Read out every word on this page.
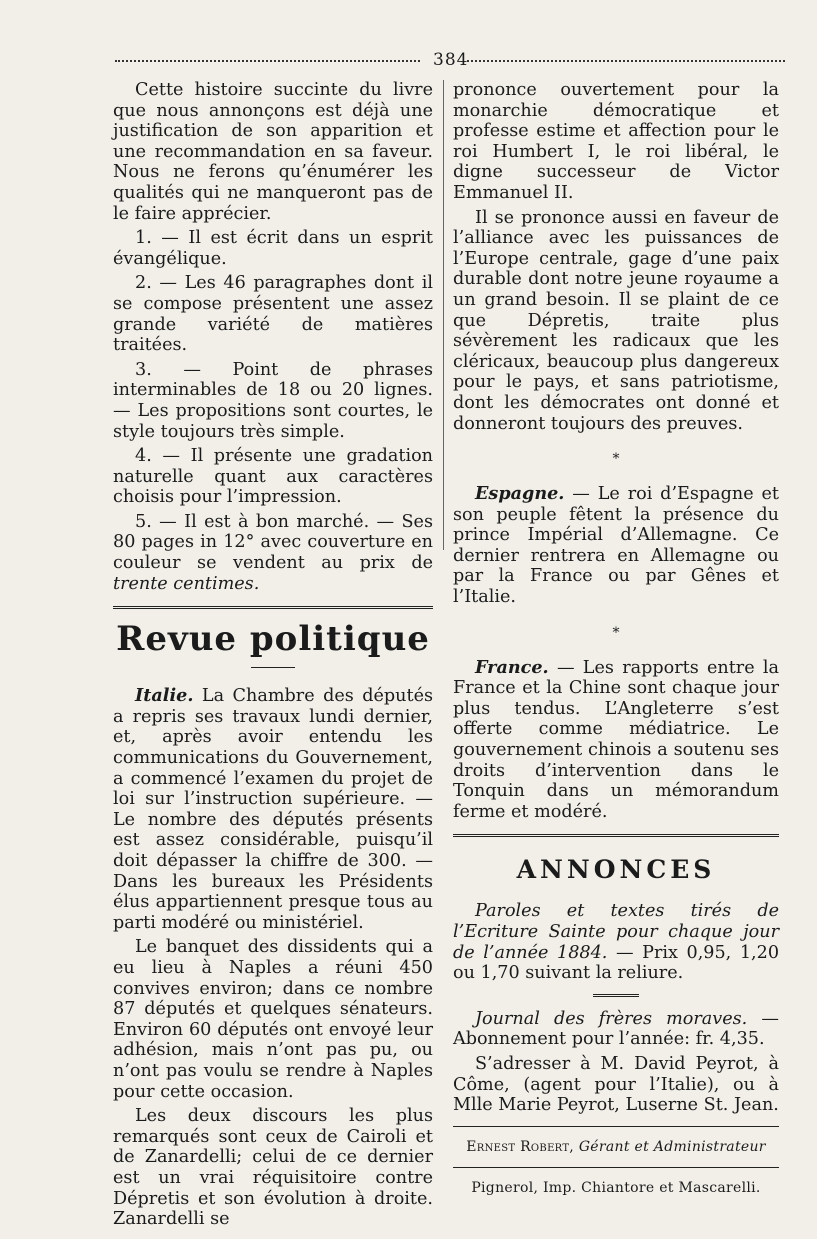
384

Cette histoire succinte du livre que nous annonçons est déjà une justification de son apparition et une recommandation en sa faveur. Nous ne ferons qu’énumérer les qualités qui ne manqueront pas de le faire apprécier.

1. — Il est écrit dans un esprit évangélique.

2. — Les 46 paragraphes dont il se compose présentent une assez grande variété de matières traitées.

3. — Point de phrases interminables de 18 ou 20 lignes. — Les propositions sont courtes, le style toujours très simple.

4. — Il présente une gradation naturelle quant aux caractères choisis pour l’impression.

5. — Il est à bon marché. — Ses 80 pages in 12° avec couverture en couleur se vendent au prix de trente centimes.

Revue politique

Italie. La Chambre des députés a repris ses travaux lundi dernier, et, après avoir entendu les communications du Gouvernement, a commencé l’examen du projet de loi sur l’instruction supérieure. — Le nombre des députés présents est assez considérable, puisqu’il doit dépasser la chiffre de 300. — Dans les bureaux les Présidents élus appartiennent presque tous au parti modéré ou ministériel.

Le banquet des dissidents qui a eu lieu à Naples a réuni 450 convives environ; dans ce nombre 87 députés et quelques sénateurs. Environ 60 députés ont envoyé leur adhésion, mais n’ont pas pu, ou n’ont pas voulu se rendre à Naples pour cette occasion.

Les deux discours les plus remarqués sont ceux de Cairoli et de Zanardelli; celui de ce dernier est un vrai réquisitoire contre Dépretis et son évolution à droite. Zanardelli se

prononce ouvertement pour la monarchie démocratique et professe estime et affection pour le roi Humbert I, le roi libéral, le digne successeur de Victor Emmanuel II.

Il se prononce aussi en faveur de l’alliance avec les puissances de l’Europe centrale, gage d’une paix durable dont notre jeune royaume a un grand besoin. Il se plaint de ce que Dépretis, traite plus sévèrement les radicaux que les cléricaux, beaucoup plus dangereux pour le pays, et sans patriotisme, dont les démocrates ont donné et donneront toujours des preuves.

*

Espagne. — Le roi d’Espagne et son peuple fêtent la présence du prince Impérial d’Allemagne. Ce dernier rentrera en Allemagne ou par la France ou par Gênes et l’Italie.

*

France. — Les rapports entre la France et la Chine sont chaque jour plus tendus. L’Angleterre s’est offerte comme médiatrice. Le gouvernement chinois a soutenu ses droits d’intervention dans le Tonquin dans un mémorandum ferme et modéré.

ANNONCES

Paroles et textes tirés de l’Ecriture Sainte pour chaque jour de l’année 1884. — Prix 0,95, 1,20 ou 1,70 suivant la reliure.

Journal des frères moraves. — Abonnement pour l’année: fr. 4,35.

S’adresser à M. David Peyrot, à Côme, (agent pour l’Italie), ou à Mlle Marie Peyrot, Luserne St. Jean.

Ernest Robert, Gérant et Administrateur

Pignerol, Imp. Chiantore et Mascarelli.
